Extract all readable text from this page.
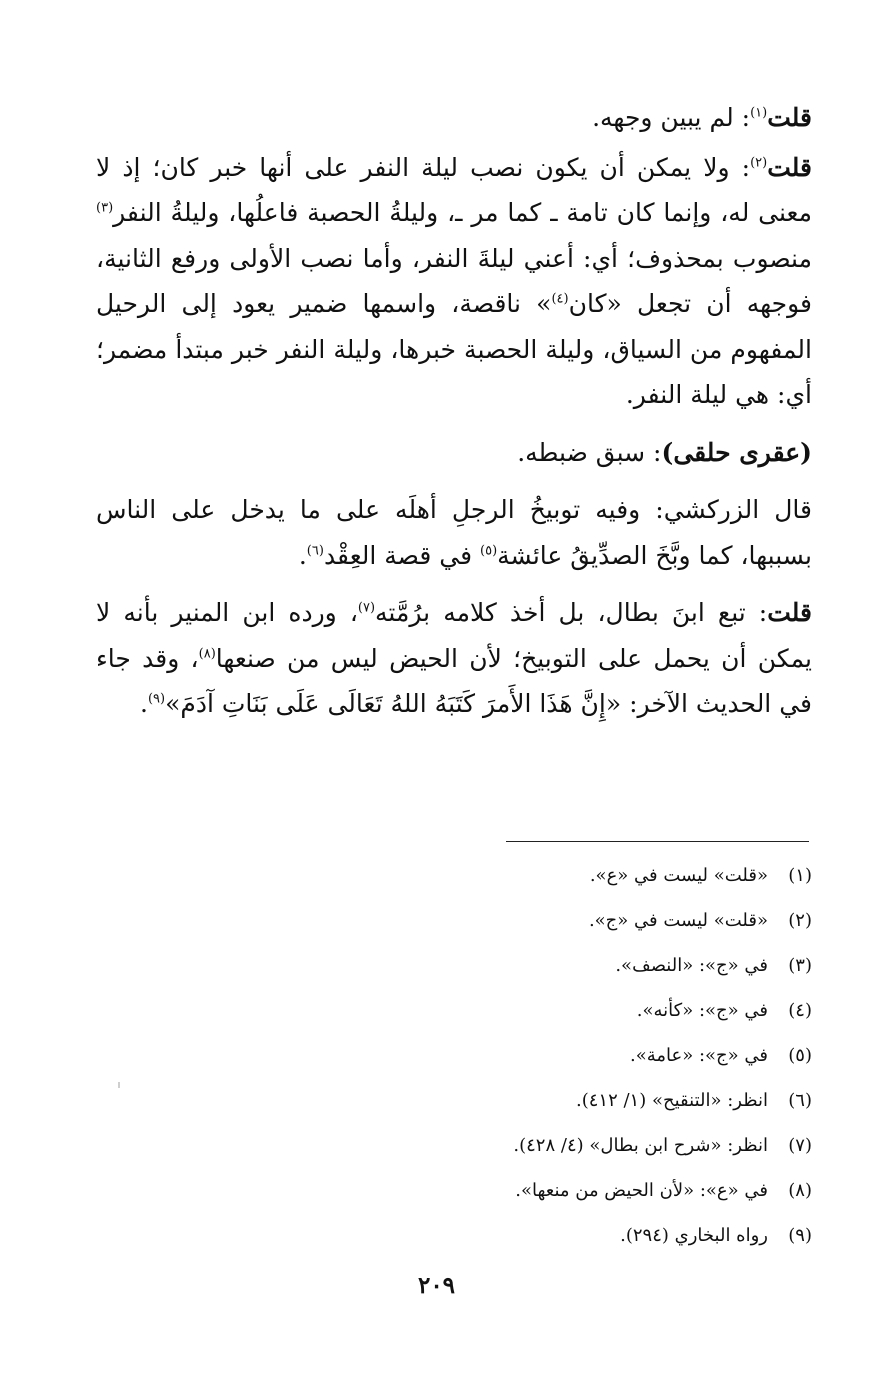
قلت$^{(١)}$: لم يبين وجهه.

قلت$^{(٢)}$: ولا يمكن أن يكون نصب ليلة النفر على أنها خبر كان؛ إذ لا معنى له، وإنما كان تامة ـ كما مر ـ، وليلةُ الحصبة فاعلُها، وليلةُ النفر$^{(٣)}$ منصوب بمحذوف؛ أي: أعني ليلةَ النفر، وأما نصب الأولى ورفع الثانية، فوجهه أن تجعل «كان$^{(٤)}$» ناقصة، واسمها ضمير يعود إلى الرحيل المفهوم من السياق، وليلة الحصبة خبرها، وليلة النفر خبر مبتدأ مضمر؛ أي: هي ليلة النفر.

(عقرى حلقى): سبق ضبطه.

قال الزركشي: وفيه توبيخُ الرجلِ أهلَه على ما يدخل على الناس بسببها، كما وبَّخَ الصدِّيقُ عائشة$^{(٥)}$ في قصة العِقْد$^{(٦)}$.

قلت: تبع ابنَ بطال، بل أخذ كلامه برُمَّته$^{(٧)}$، ورده ابن المنير بأنه لا يمكن أن يحمل على التوبيخ؛ لأن الحيض ليس من صنعها$^{(٨)}$، وقد جاء في الحديث الآخر: «إِنَّ هَذَا الأَمرَ كَتَبَهُ اللهُ تَعَالَى عَلَى بَنَاتِ آدَمَ»$^{(٩)}$.

(١)«قلت» ليست في «ع».
(٢)«قلت» ليست في «ج».
(٣)في «ج»: «النصف».
(٤)في «ج»: «كأنه».
(٥)في «ج»: «عامة».
(٦)انظر: «التنقيح» (١/ ٤١٢).
(٧)انظر: «شرح ابن بطال» (٤/ ٤٢٨).
(٨)في «ع»: «لأن الحيض من منعها».
(٩)رواه البخاري (٢٩٤).
٢٠٩
